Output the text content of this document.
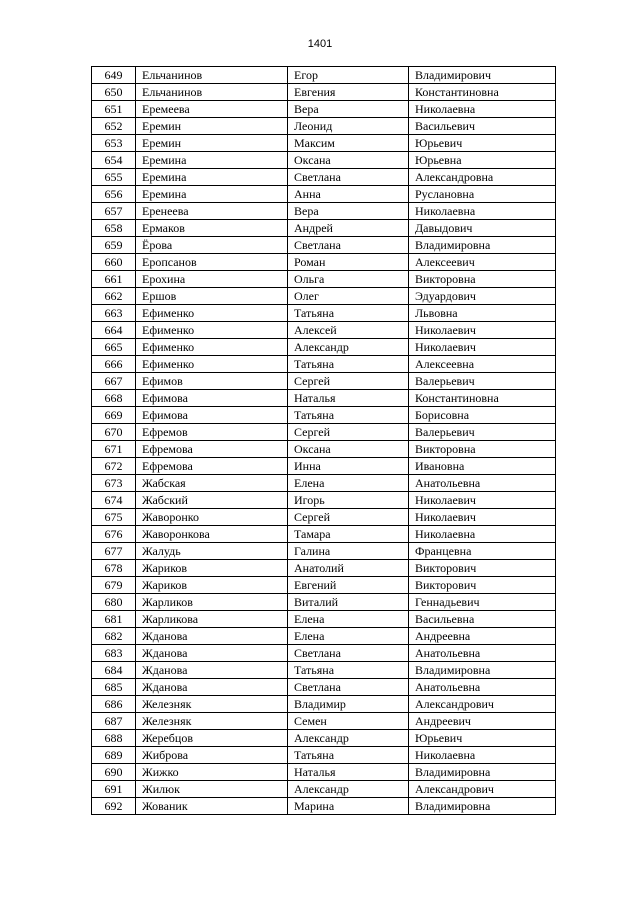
1401
649	Ельчанинов	Егор	Владимирович
650	Ельчанинов	Евгения	Константиновна
651	Еремеева	Вера	Николаевна
652	Еремин	Леонид	Васильевич
653	Еремин	Максим	Юрьевич
654	Еремина	Оксана	Юрьевна
655	Еремина	Светлана	Александровна
656	Еремина	Анна	Руслановна
657	Еренеева	Вера	Николаевна
658	Ермаков	Андрей	Давыдович
659	Ёрова	Светлана	Владимировна
660	Еропсанов	Роман	Алексеевич
661	Ерохина	Ольга	Викторовна
662	Ершов	Олег	Эдуардович
663	Ефименко	Татьяна	Львовна
664	Ефименко	Алексей	Николаевич
665	Ефименко	Александр	Николаевич
666	Ефименко	Татьяна	Алексеевна
667	Ефимов	Сергей	Валерьевич
668	Ефимова	Наталья	Константиновна
669	Ефимова	Татьяна	Борисовна
670	Ефремов	Сергей	Валерьевич
671	Ефремова	Оксана	Викторовна
672	Ефремова	Инна	Ивановна
673	Жабская	Елена	Анатольевна
674	Жабский	Игорь	Николаевич
675	Жаворонко	Сергей	Николаевич
676	Жаворонкова	Тамара	Николаевна
677	Жалудь	Галина	Францевна
678	Жариков	Анатолий	Викторович
679	Жариков	Евгений	Викторович
680	Жарликов	Виталий	Геннадьевич
681	Жарликова	Елена	Васильевна
682	Жданова	Елена	Андреевна
683	Жданова	Светлана	Анатольевна
684	Жданова	Татьяна	Владимировна
685	Жданова	Светлана	Анатольевна
686	Железняк	Владимир	Александрович
687	Железняк	Семен	Андреевич
688	Жеребцов	Александр	Юрьевич
689	Жиброва	Татьяна	Николаевна
690	Жижко	Наталья	Владимировна
691	Жилюк	Александр	Александрович
692	Жованик	Марина	Владимировна
